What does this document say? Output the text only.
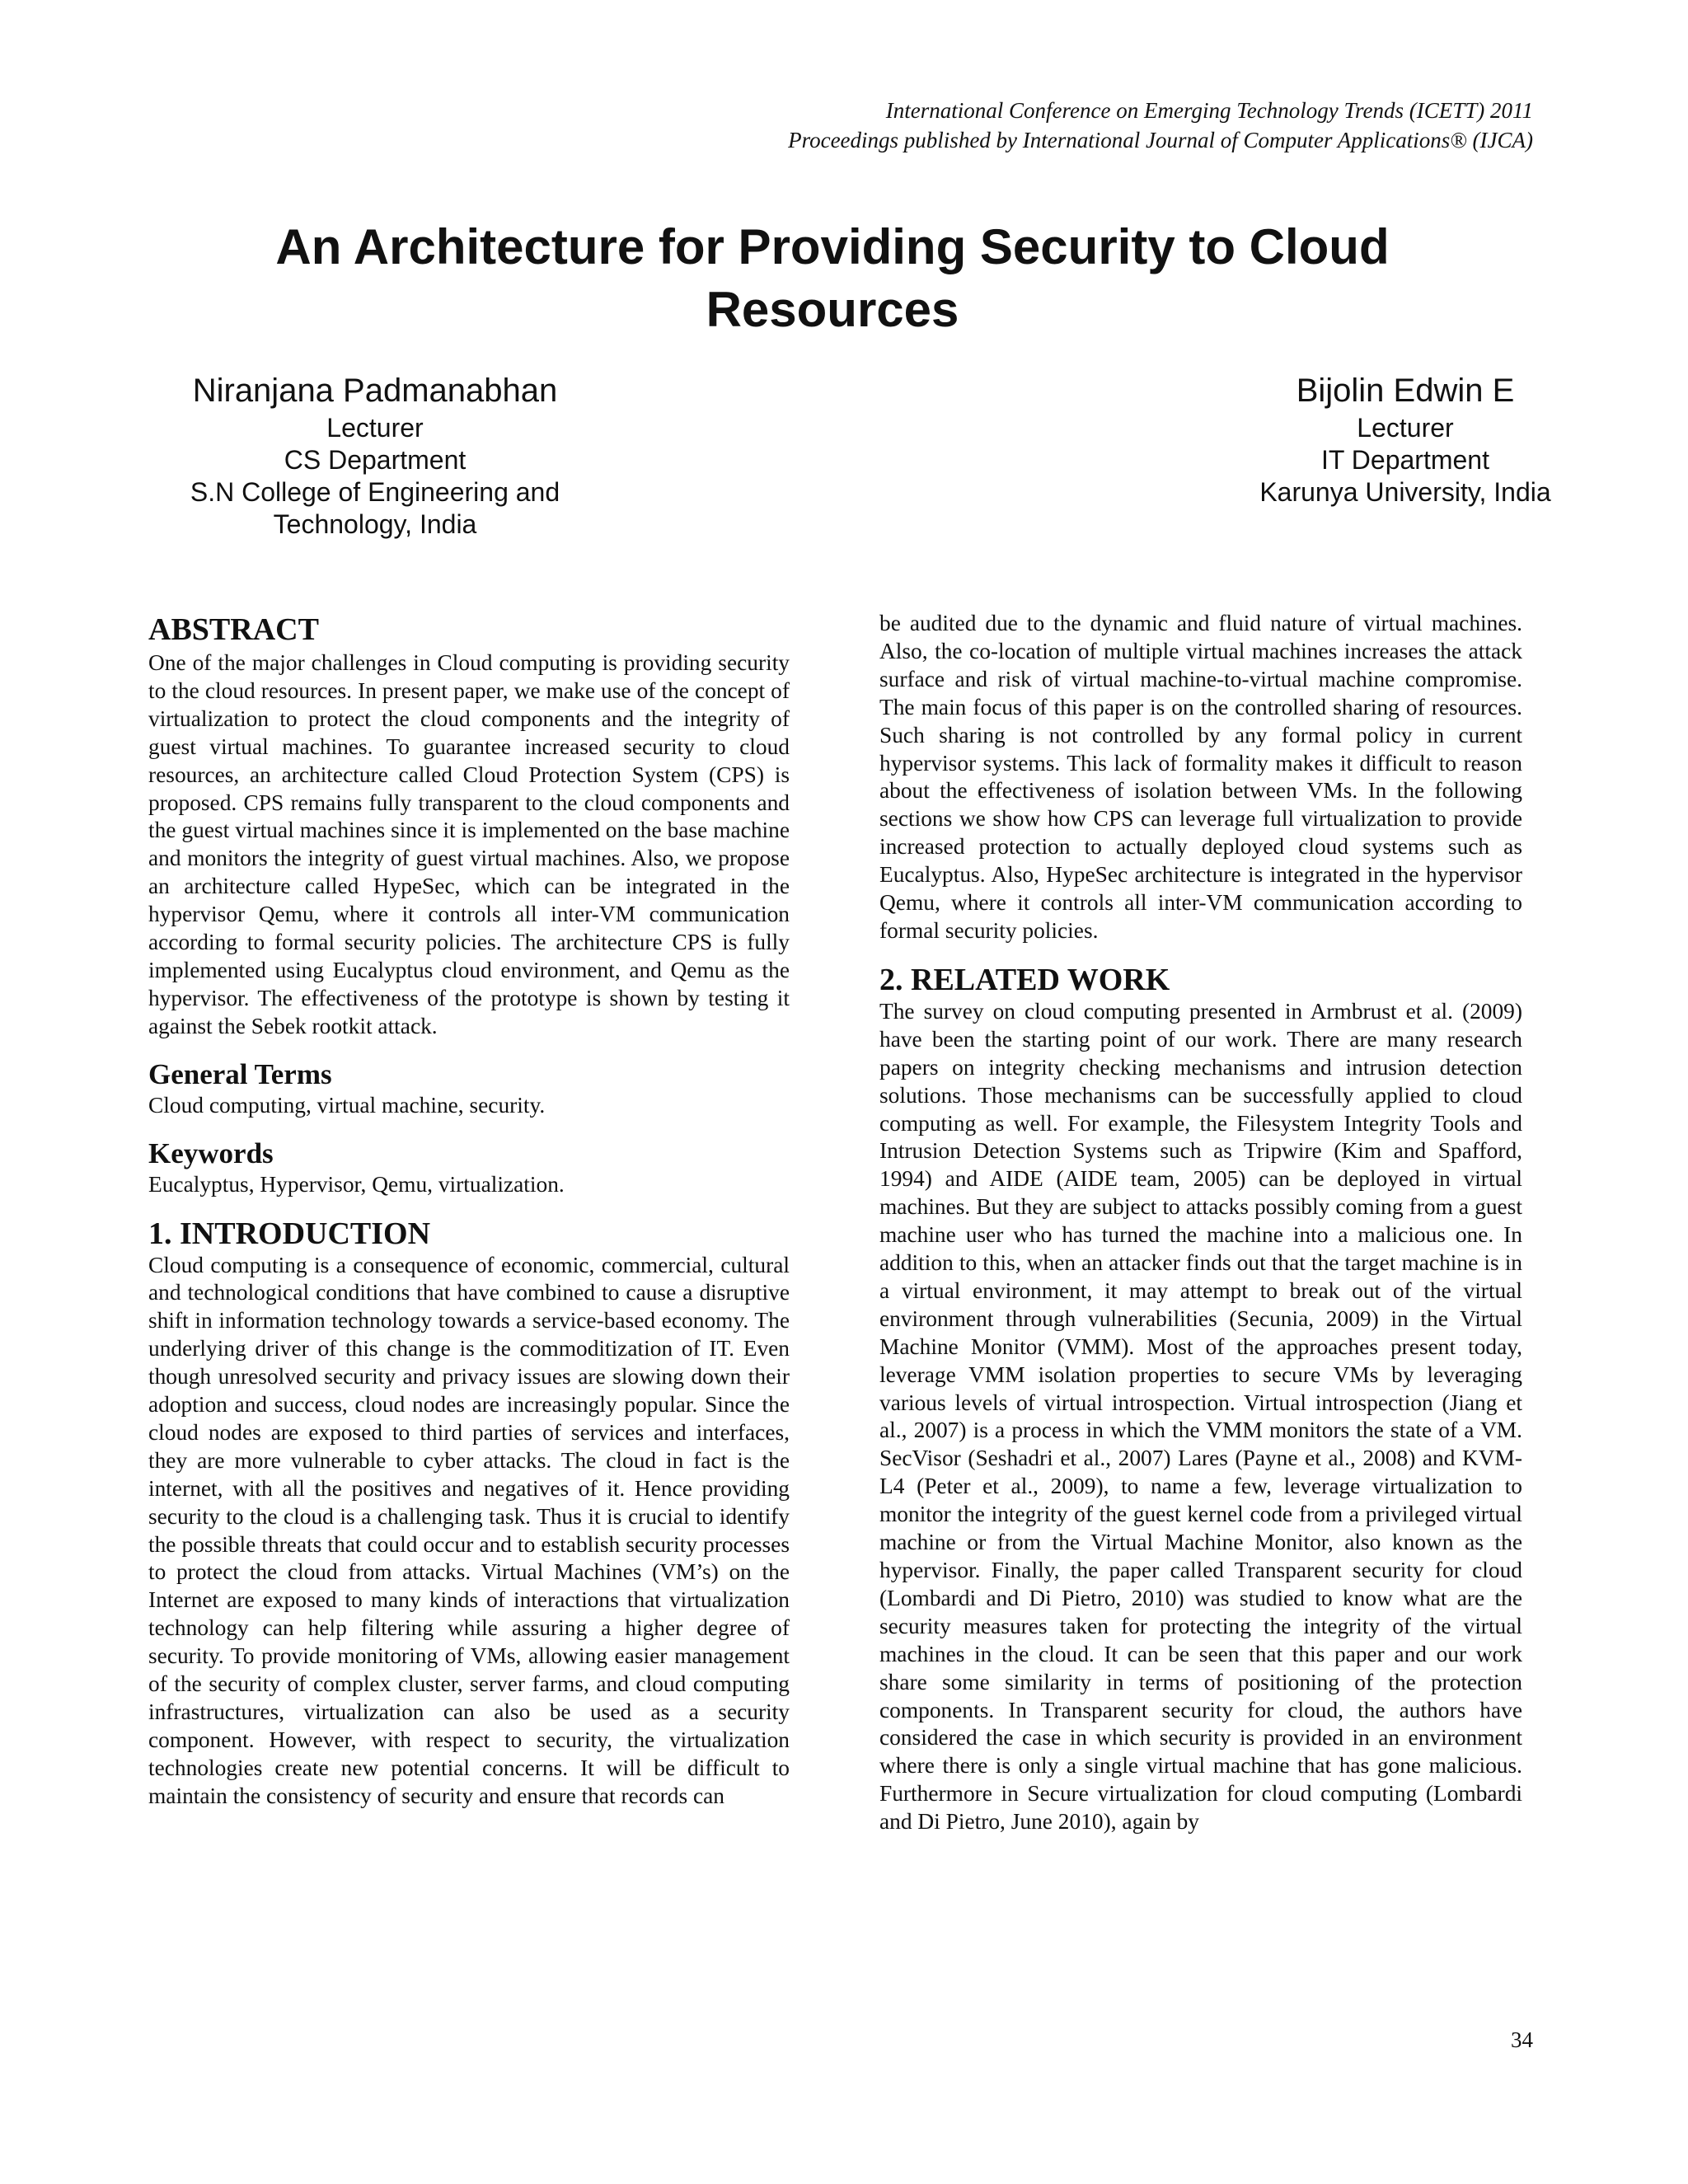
International Conference on Emerging Technology Trends (ICETT) 2011
Proceedings published by International Journal of Computer Applications® (IJCA)
An Architecture for Providing Security to Cloud
Resources
Niranjana Padmanabhan
Lecturer
CS Department
S.N College of Engineering and
Technology, India
Bijolin Edwin E
Lecturer
IT Department
Karunya University, India
ABSTRACT

One of the major challenges in Cloud computing is providing security to the cloud resources. In present paper, we make use of the concept of virtualization to protect the cloud components and the integrity of guest virtual machines. To guarantee increased security to cloud resources, an architecture called Cloud Protection System (CPS) is proposed. CPS remains fully transparent to the cloud components and the guest virtual machines since it is implemented on the base machine and monitors the integrity of guest virtual machines. Also, we propose an architecture called HypeSec, which can be integrated in the hypervisor Qemu, where it controls all inter-VM communication according to formal security policies. The architecture CPS is fully implemented using Eucalyptus cloud environment, and Qemu as the hypervisor. The effectiveness of the prototype is shown by testing it against the Sebek rootkit attack.

General Terms

Cloud computing, virtual machine, security.

Keywords

Eucalyptus, Hypervisor, Qemu, virtualization.

1. INTRODUCTION

Cloud computing is a consequence of economic, commercial, cultural and technological conditions that have combined to cause a disruptive shift in information technology towards a service-based economy. The underlying driver of this change is the commoditization of IT. Even though unresolved security and privacy issues are slowing down their adoption and success, cloud nodes are increasingly popular. Since the cloud nodes are exposed to third parties of services and interfaces, they are more vulnerable to cyber attacks. The cloud in fact is the internet, with all the positives and negatives of it. Hence providing security to the cloud is a challenging task. Thus it is crucial to identify the possible threats that could occur and to establish security processes to protect the cloud from attacks. Virtual Machines (VM’s) on the Internet are exposed to many kinds of interactions that virtualization technology can help filtering while assuring a higher degree of security. To provide monitoring of VMs, allowing easier management of the security of complex cluster, server farms, and cloud computing infrastructures, virtualization can also be used as a security component. However, with respect to security, the virtualization technologies create new potential concerns. It will be difficult to maintain the consistency of security and ensure that records can

be audited due to the dynamic and fluid nature of virtual machines. Also, the co-location of multiple virtual machines increases the attack surface and risk of virtual machine-to-virtual machine compromise. The main focus of this paper is on the controlled sharing of resources. Such sharing is not controlled by any formal policy in current hypervisor systems. This lack of formality makes it difficult to reason about the effectiveness of isolation between VMs. In the following sections we show how CPS can leverage full virtualization to provide increased protection to actually deployed cloud systems such as Eucalyptus. Also, HypeSec architecture is integrated in the hypervisor Qemu, where it controls all inter-VM communication according to formal security policies.

2. RELATED WORK

The survey on cloud computing presented in Armbrust et al. (2009) have been the starting point of our work. There are many research papers on integrity checking mechanisms and intrusion detection solutions. Those mechanisms can be successfully applied to cloud computing as well. For example, the Filesystem Integrity Tools and Intrusion Detection Systems such as Tripwire (Kim and Spafford, 1994) and AIDE (AIDE team, 2005) can be deployed in virtual machines. But they are subject to attacks possibly coming from a guest machine user who has turned the machine into a malicious one. In addition to this, when an attacker finds out that the target machine is in a virtual environment, it may attempt to break out of the virtual environment through vulnerabilities (Secunia, 2009) in the Virtual Machine Monitor (VMM). Most of the approaches present today, leverage VMM isolation properties to secure VMs by leveraging various levels of virtual introspection. Virtual introspection (Jiang et al., 2007) is a process in which the VMM monitors the state of a VM. SecVisor (Seshadri et al., 2007) Lares (Payne et al., 2008) and KVM-L4 (Peter et al., 2009), to name a few, leverage virtualization to monitor the integrity of the guest kernel code from a privileged virtual machine or from the Virtual Machine Monitor, also known as the hypervisor. Finally, the paper called Transparent security for cloud (Lombardi and Di Pietro, 2010) was studied to know what are the security measures taken for protecting the integrity of the virtual machines in the cloud. It can be seen that this paper and our work share some similarity in terms of positioning of the protection components. In Transparent security for cloud, the authors have considered the case in which security is provided in an environment where there is only a single virtual machine that has gone malicious. Furthermore in Secure virtualization for cloud computing (Lombardi and Di Pietro, June 2010), again by

34
